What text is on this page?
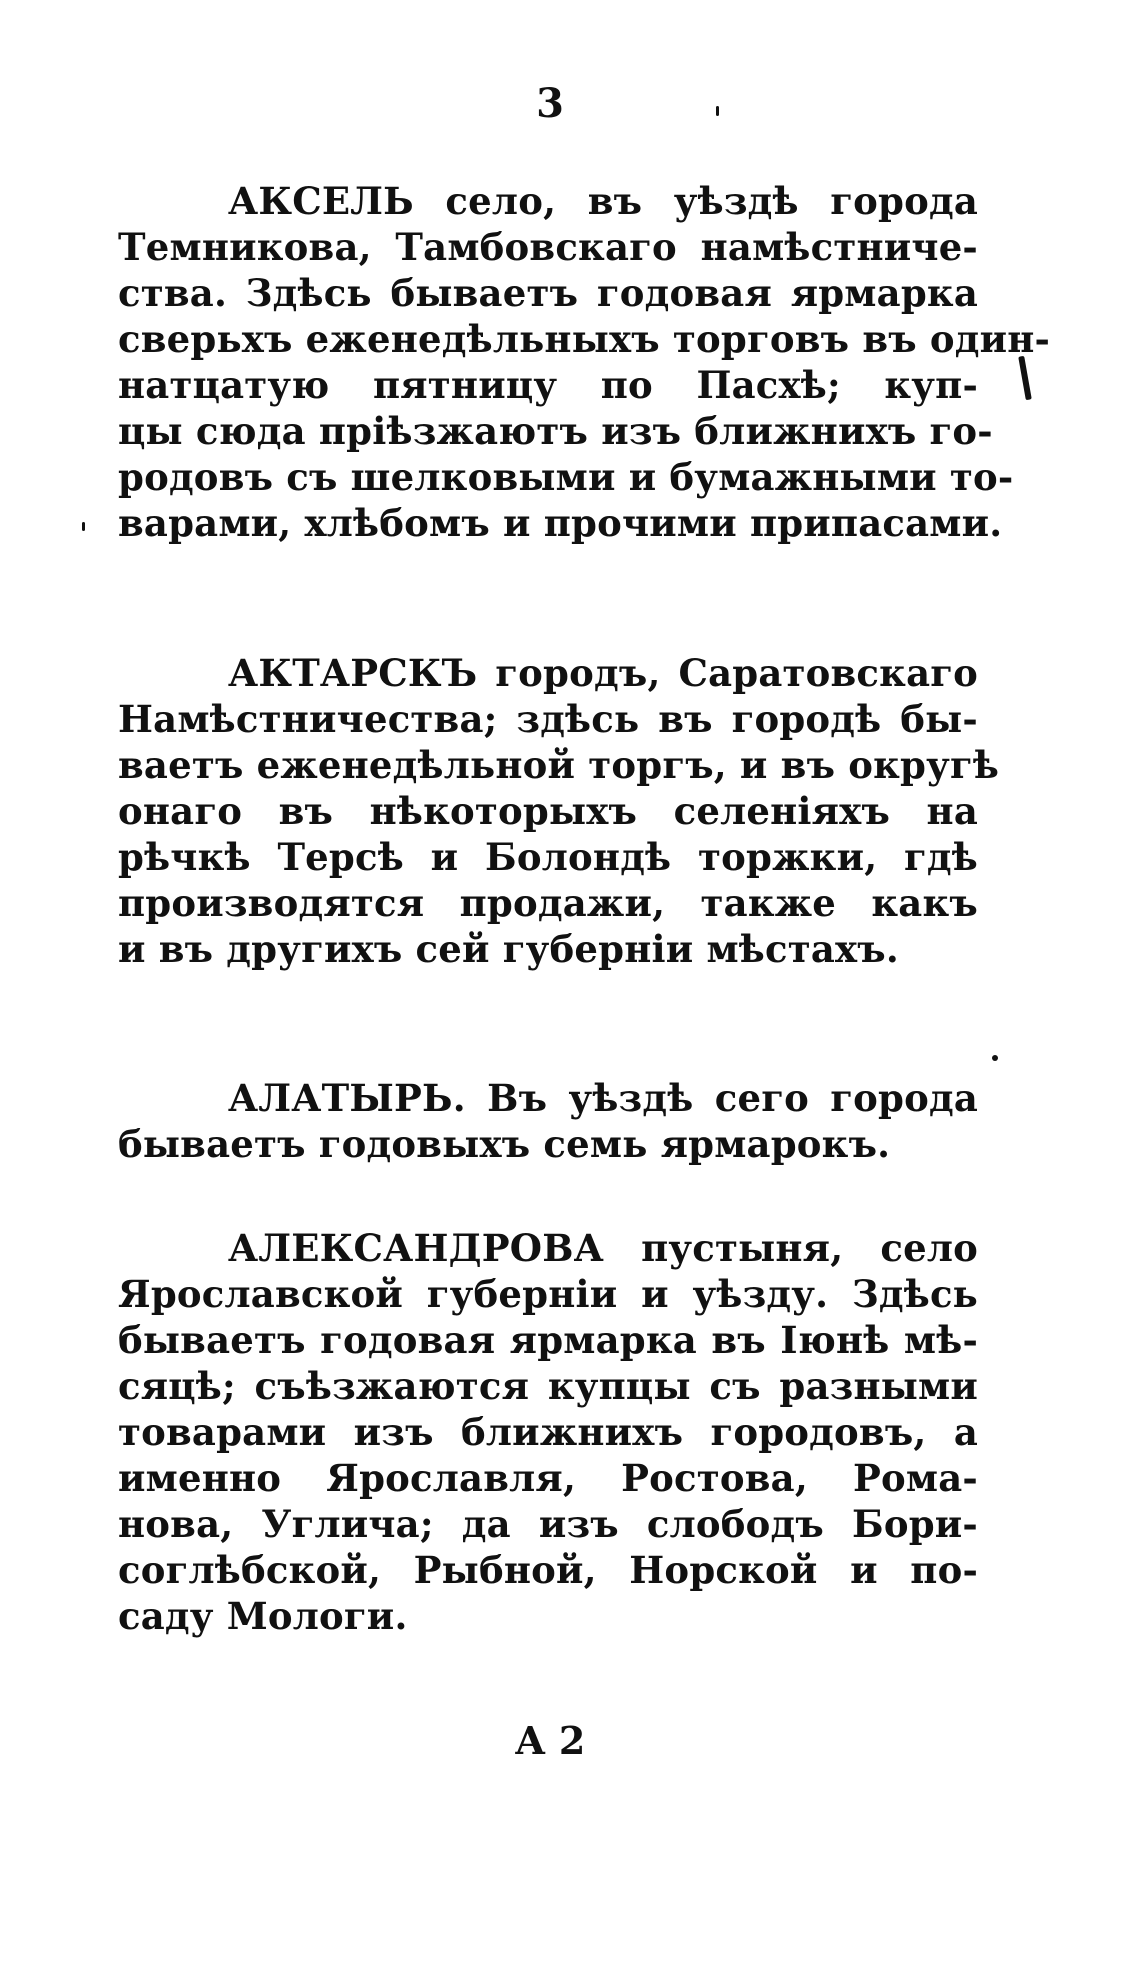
3
АКСЕЛЬ село, въ уѣздѣ города
Темникова, Тамбовскаго намѣстниче-
ства. Здѣсь бываетъ годовая ярмарка
сверьхъ еженедѣльныхъ торговъ въ один-
натцатую пятницу по Пасхѣ; куп-
цы сюда пріѣзжаютъ изъ ближнихъ го-
родовъ съ шелковыми и бумажными то-
варами, хлѣбомъ и прочими припасами.
АКТАРСКЪ городъ, Саратовскаго
Намѣстничества; здѣсь въ городѣ бы-
ваетъ еженедѣльной торгъ, и въ округѣ
онаго въ нѣкоторыхъ селеніяхъ на
рѣчкѣ Терсѣ и Болондѣ торжки, гдѣ
производятся продажи, также какъ
и въ другихъ сей губерніи мѣстахъ.
АЛАТЫРЬ. Въ уѣздѣ сего города
бываетъ годовыхъ семь ярмарокъ.
АЛЕКСАНДРОВА пустыня, село
Ярославской губерніи и уѣзду. Здѣсь
бываетъ годовая ярмарка въ Іюнѣ мѣ-
сяцѣ; съѣзжаются купцы съ разными
товарами изъ ближнихъ городовъ, а
именно Ярославля, Ростова, Рома-
нова, Углича; да изъ слободъ Бори-
соглѣбской, Рыбной, Норской и по-
саду Мологи.
А 2
